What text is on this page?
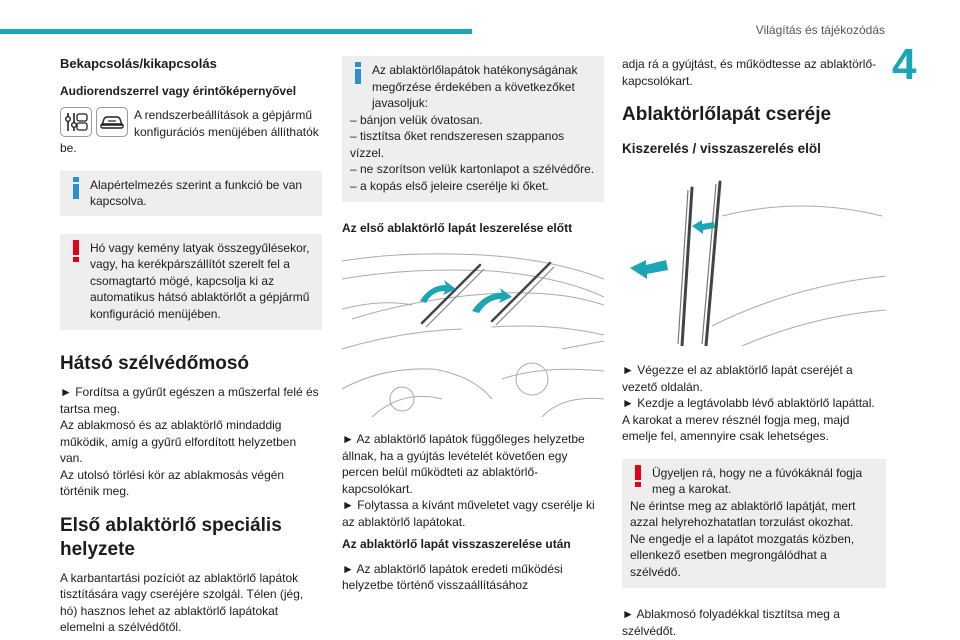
Világítás és tájékozódás
4
Bekapcsolás/kikapcsolás
Audiorendszerrel vagy érintőképernyővel

A rendszerbeállítások a gépjármű konfigurációs menüjében állíthatók be.

Alapértelmezés szerint a funkció be van kapcsolva.

Hó vagy kemény latyak összegyűlésekor, vagy, ha kerékpárszállítót szerelt fel a csomagtartó mögé, kapcsolja ki az automatikus hátsó ablaktörlőt a gépjármű konfiguráció menüjében.

Hátsó szélvédőmosó

► Fordítsa a gyűrűt egészen a műszerfal felé és tartsa meg.

Az ablakmosó és az ablaktörlő mindaddig működik, amíg a gyűrű elfordított helyzetben van.

Az utolsó törlési kör az ablakmosás végén történik meg.

Első ablaktörlő speciális helyzete

A karbantartási pozíciót az ablaktörlő lapátok tisztítására vagy cseréjére szolgál. Télen (jég, hó) hasznos lehet az ablaktörlő lapátokat elemelni a szélvédőtől.

Az ablaktörlőlapátok hatékonyságának megőrzése érdekében a következőket javasoljuk:

– bánjon velük óvatosan.

– tisztítsa őket rendszeresen szappanos vízzel.

– ne szorítson velük kartonlapot a szélvédőre.

– a kopás első jeleire cserélje ki őket.

Az első ablaktörlő lapát leszerelése előtt

► Az ablaktörlő lapátok függőleges helyzetbe állnak, ha a gyújtás levételét követően egy percen belül működteti az ablaktörlő-kapcsolókart.

► Folytassa a kívánt műveletet vagy cserélje ki az ablaktörlő lapátokat.

Az ablaktörlő lapát visszaszerelése után

► Az ablaktörlő lapátok eredeti működési helyzetbe történő visszaállításához

adja rá a gyújtást, és működtesse az ablaktörlő-kapcsolókart.

Ablaktörlőlapát cseréje
Kiszerelés / visszaszerelés elöl

► Végezze el az ablaktörlő lapát cseréjét a vezető oldalán.

► Kezdje a legtávolabb lévő ablaktörlő lapáttal.

A karokat a merev résznél fogja meg, majd emelje fel, amennyire csak lehetséges.

Ügyeljen rá, hogy ne a fúvókáknál fogja meg a karokat.

Ne érintse meg az ablaktörlő lapátját, mert azzal helyrehozhatatlan torzulást okozhat.

Ne engedje el a lapátot mozgatás közben, ellenkező esetben megrongálódhat a szélvédő.

► Ablakmosó folyadékkal tisztítsa meg a szélvédőt.
